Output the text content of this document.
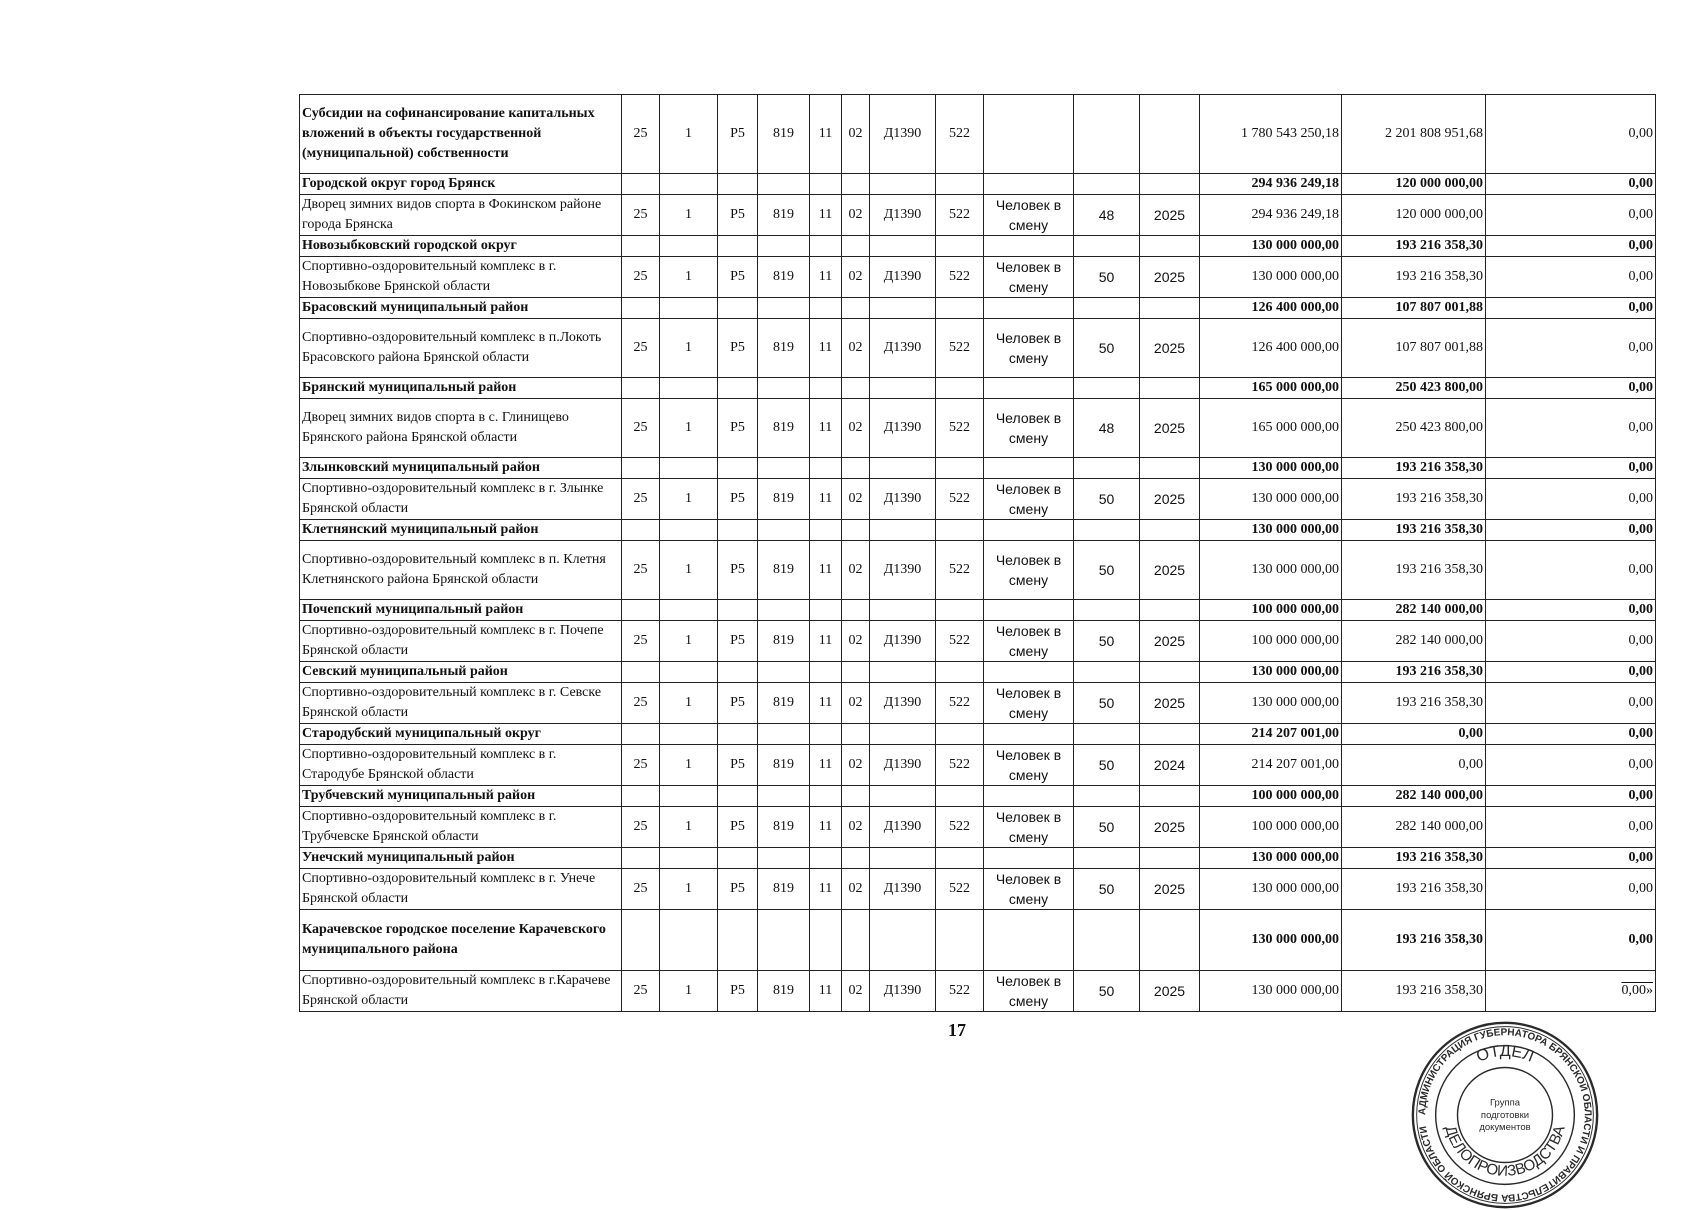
Субсидии на софинансирование капитальных вложений в объекты государственной (муниципальной) собственности	25	1	Р5	819	11	02	Д1390	522				1 780 543 250,18	2 201 808 951,68	0,00
Городской округ город Брянск												294 936 249,18	120 000 000,00	0,00
Дворец зимних видов спорта в Фокинском районе города Брянска	25	1	Р5	819	11	02	Д1390	522	Человек в смену	48	2025	294 936 249,18	120 000 000,00	0,00
Новозыбковский городской округ												130 000 000,00	193 216 358,30	0,00
Спортивно-оздоровительный комплекс в г. Новозыбкове Брянской области	25	1	Р5	819	11	02	Д1390	522	Человек в смену	50	2025	130 000 000,00	193 216 358,30	0,00
Брасовский муниципальный район												126 400 000,00	107 807 001,88	0,00
Спортивно-оздоровительный комплекс в п.Локоть Брасовского района Брянской области	25	1	Р5	819	11	02	Д1390	522	Человек в смену	50	2025	126 400 000,00	107 807 001,88	0,00
Брянский муниципальный район												165 000 000,00	250 423 800,00	0,00
Дворец зимних видов спорта в с. Глинищево Брянского района Брянской области	25	1	Р5	819	11	02	Д1390	522	Человек в смену	48	2025	165 000 000,00	250 423 800,00	0,00
Злынковский муниципальный район												130 000 000,00	193 216 358,30	0,00
Спортивно-оздоровительный комплекс в г. Злынке Брянской области	25	1	Р5	819	11	02	Д1390	522	Человек в смену	50	2025	130 000 000,00	193 216 358,30	0,00
Клетнянский муниципальный район												130 000 000,00	193 216 358,30	0,00
Спортивно-оздоровительный комплекс в п. Клетня Клетнянского района Брянской области	25	1	Р5	819	11	02	Д1390	522	Человек в смену	50	2025	130 000 000,00	193 216 358,30	0,00
Почепский муниципальный район												100 000 000,00	282 140 000,00	0,00
Спортивно-оздоровительный комплекс в г. Почепе Брянской области	25	1	Р5	819	11	02	Д1390	522	Человек в смену	50	2025	100 000 000,00	282 140 000,00	0,00
Севский муниципальный район												130 000 000,00	193 216 358,30	0,00
Спортивно-оздоровительный комплекс в г. Севске Брянской области	25	1	Р5	819	11	02	Д1390	522	Человек в смену	50	2025	130 000 000,00	193 216 358,30	0,00
Стародубский муниципальный округ												214 207 001,00	0,00	0,00
Спортивно-оздоровительный комплекс в г. Стародубе Брянской области	25	1	Р5	819	11	02	Д1390	522	Человек в смену	50	2024	214 207 001,00	0,00	0,00
Трубчевский муниципальный район												100 000 000,00	282 140 000,00	0,00
Спортивно-оздоровительный комплекс в г. Трубчевске Брянской области	25	1	Р5	819	11	02	Д1390	522	Человек в смену	50	2025	100 000 000,00	282 140 000,00	0,00
Унечский муниципальный район												130 000 000,00	193 216 358,30	0,00
Спортивно-оздоровительный комплекс в г. Унече Брянской области	25	1	Р5	819	11	02	Д1390	522	Человек в смену	50	2025	130 000 000,00	193 216 358,30	0,00
Карачевское городское поселение Карачевского муниципального района												130 000 000,00	193 216 358,30	0,00
Спортивно-оздоровительный комплекс в г.Карачеве Брянской области	25	1	Р5	819	11	02	Д1390	522	Человек в смену	50	2025	130 000 000,00	193 216 358,30	0,00»
17
АДМИНИСТРАЦИЯ ГУБЕРНАТОРА БРЯНСКОЙ ОБЛАСТИ И ПРАВИТЕЛЬСТВА БРЯНСКОЙ ОБЛАСТИ
ОТДЕЛ
ДЕЛОПРОИЗВОДСТВА
Группа
подготовки
документов
